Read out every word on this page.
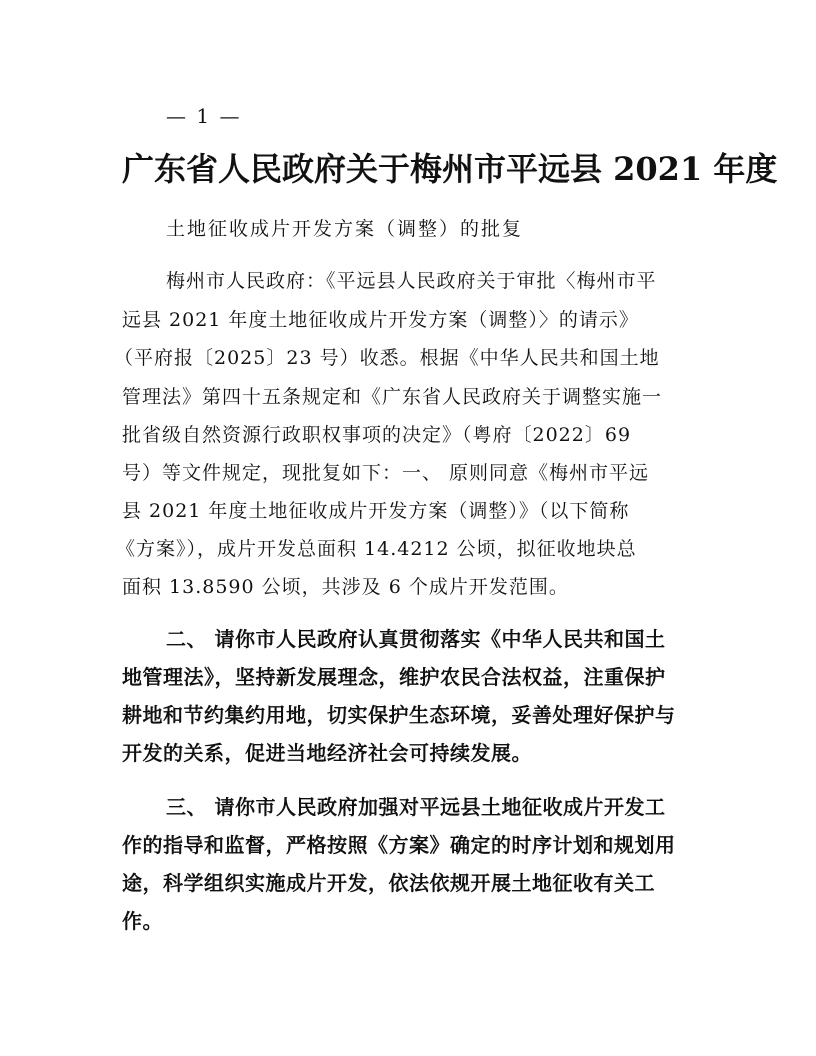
— 1 —
广东省人民政府关于梅州市平远县 2021 年度
土地征收成片开发方案（调整）的批复
梅州市人民政府：《平远县人民政府关于审批〈梅州市平
远县 2021 年度土地征收成片开发方案（调整）〉的请示》
（平府报〔2025〕23 号）收悉。根据《中华人民共和国土地
管理法》第四十五条规定和《广东省人民政府关于调整实施一
批省级自然资源行政职权事项的决定》（粤府〔2022〕69
号）等文件规定，现批复如下：一、 原则同意《梅州市平远
县 2021 年度土地征收成片开发方案（调整）》（以下简称
《方案》），成片开发总面积 14.4212 公顷，拟征收地块总
面积 13.8590 公顷，共涉及 6 个成片开发范围。
二、 请你市人民政府认真贯彻落实《中华人民共和国土
地管理法》，坚持新发展理念，维护农民合法权益，注重保护
耕地和节约集约用地，切实保护生态环境，妥善处理好保护与
开发的关系，促进当地经济社会可持续发展。
三、 请你市人民政府加强对平远县土地征收成片开发工
作的指导和监督，严格按照《方案》确定的时序计划和规划用
途，科学组织实施成片开发，依法依规开展土地征收有关工
作。
